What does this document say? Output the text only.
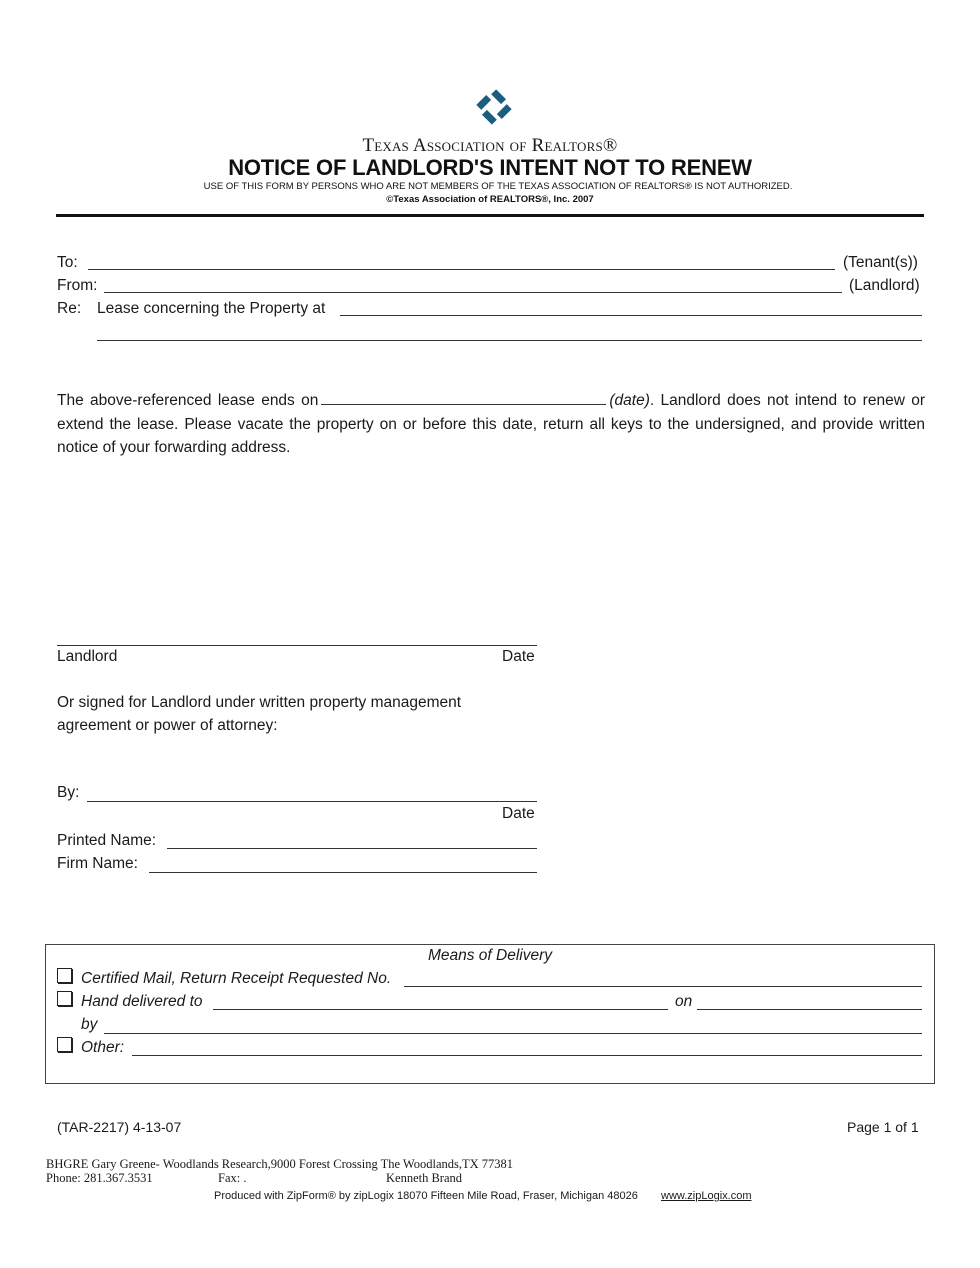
Texas Association of Realtors®
NOTICE OF LANDLORD'S INTENT NOT TO RENEW
USE OF THIS FORM BY PERSONS WHO ARE NOT MEMBERS OF THE TEXAS ASSOCIATION OF REALTORS® IS NOT AUTHORIZED.
©Texas Association of REALTORS®, Inc. 2007
To:	(Tenant(s))
From:	(Landlord)
Re: Lease concerning the Property at
The above-referenced lease ends on	(date). Landlord does not intend to renew or extend the lease. Please vacate the property on or before this date, return all keys to the undersigned, and provide written notice of your forwarding address.
Landlord	Date
Or signed for Landlord under written property management
agreement or power of attorney:
By:
Date
Printed Name:
Firm Name:
Means of Delivery
Certified Mail, Return Receipt Requested No.
Hand delivered to	on
by
Other:
(TAR-2217) 4-13-07	Page 1 of 1
BHGRE Gary Greene- Woodlands Research,9000 Forest Crossing The Woodlands,TX 77381
Phone: 281.367.3531	Fax: .	Kenneth Brand
Produced with ZipForm® by zipLogix 18070 Fifteen Mile Road, Fraser, Michigan 48026 www.zipLogix.com
